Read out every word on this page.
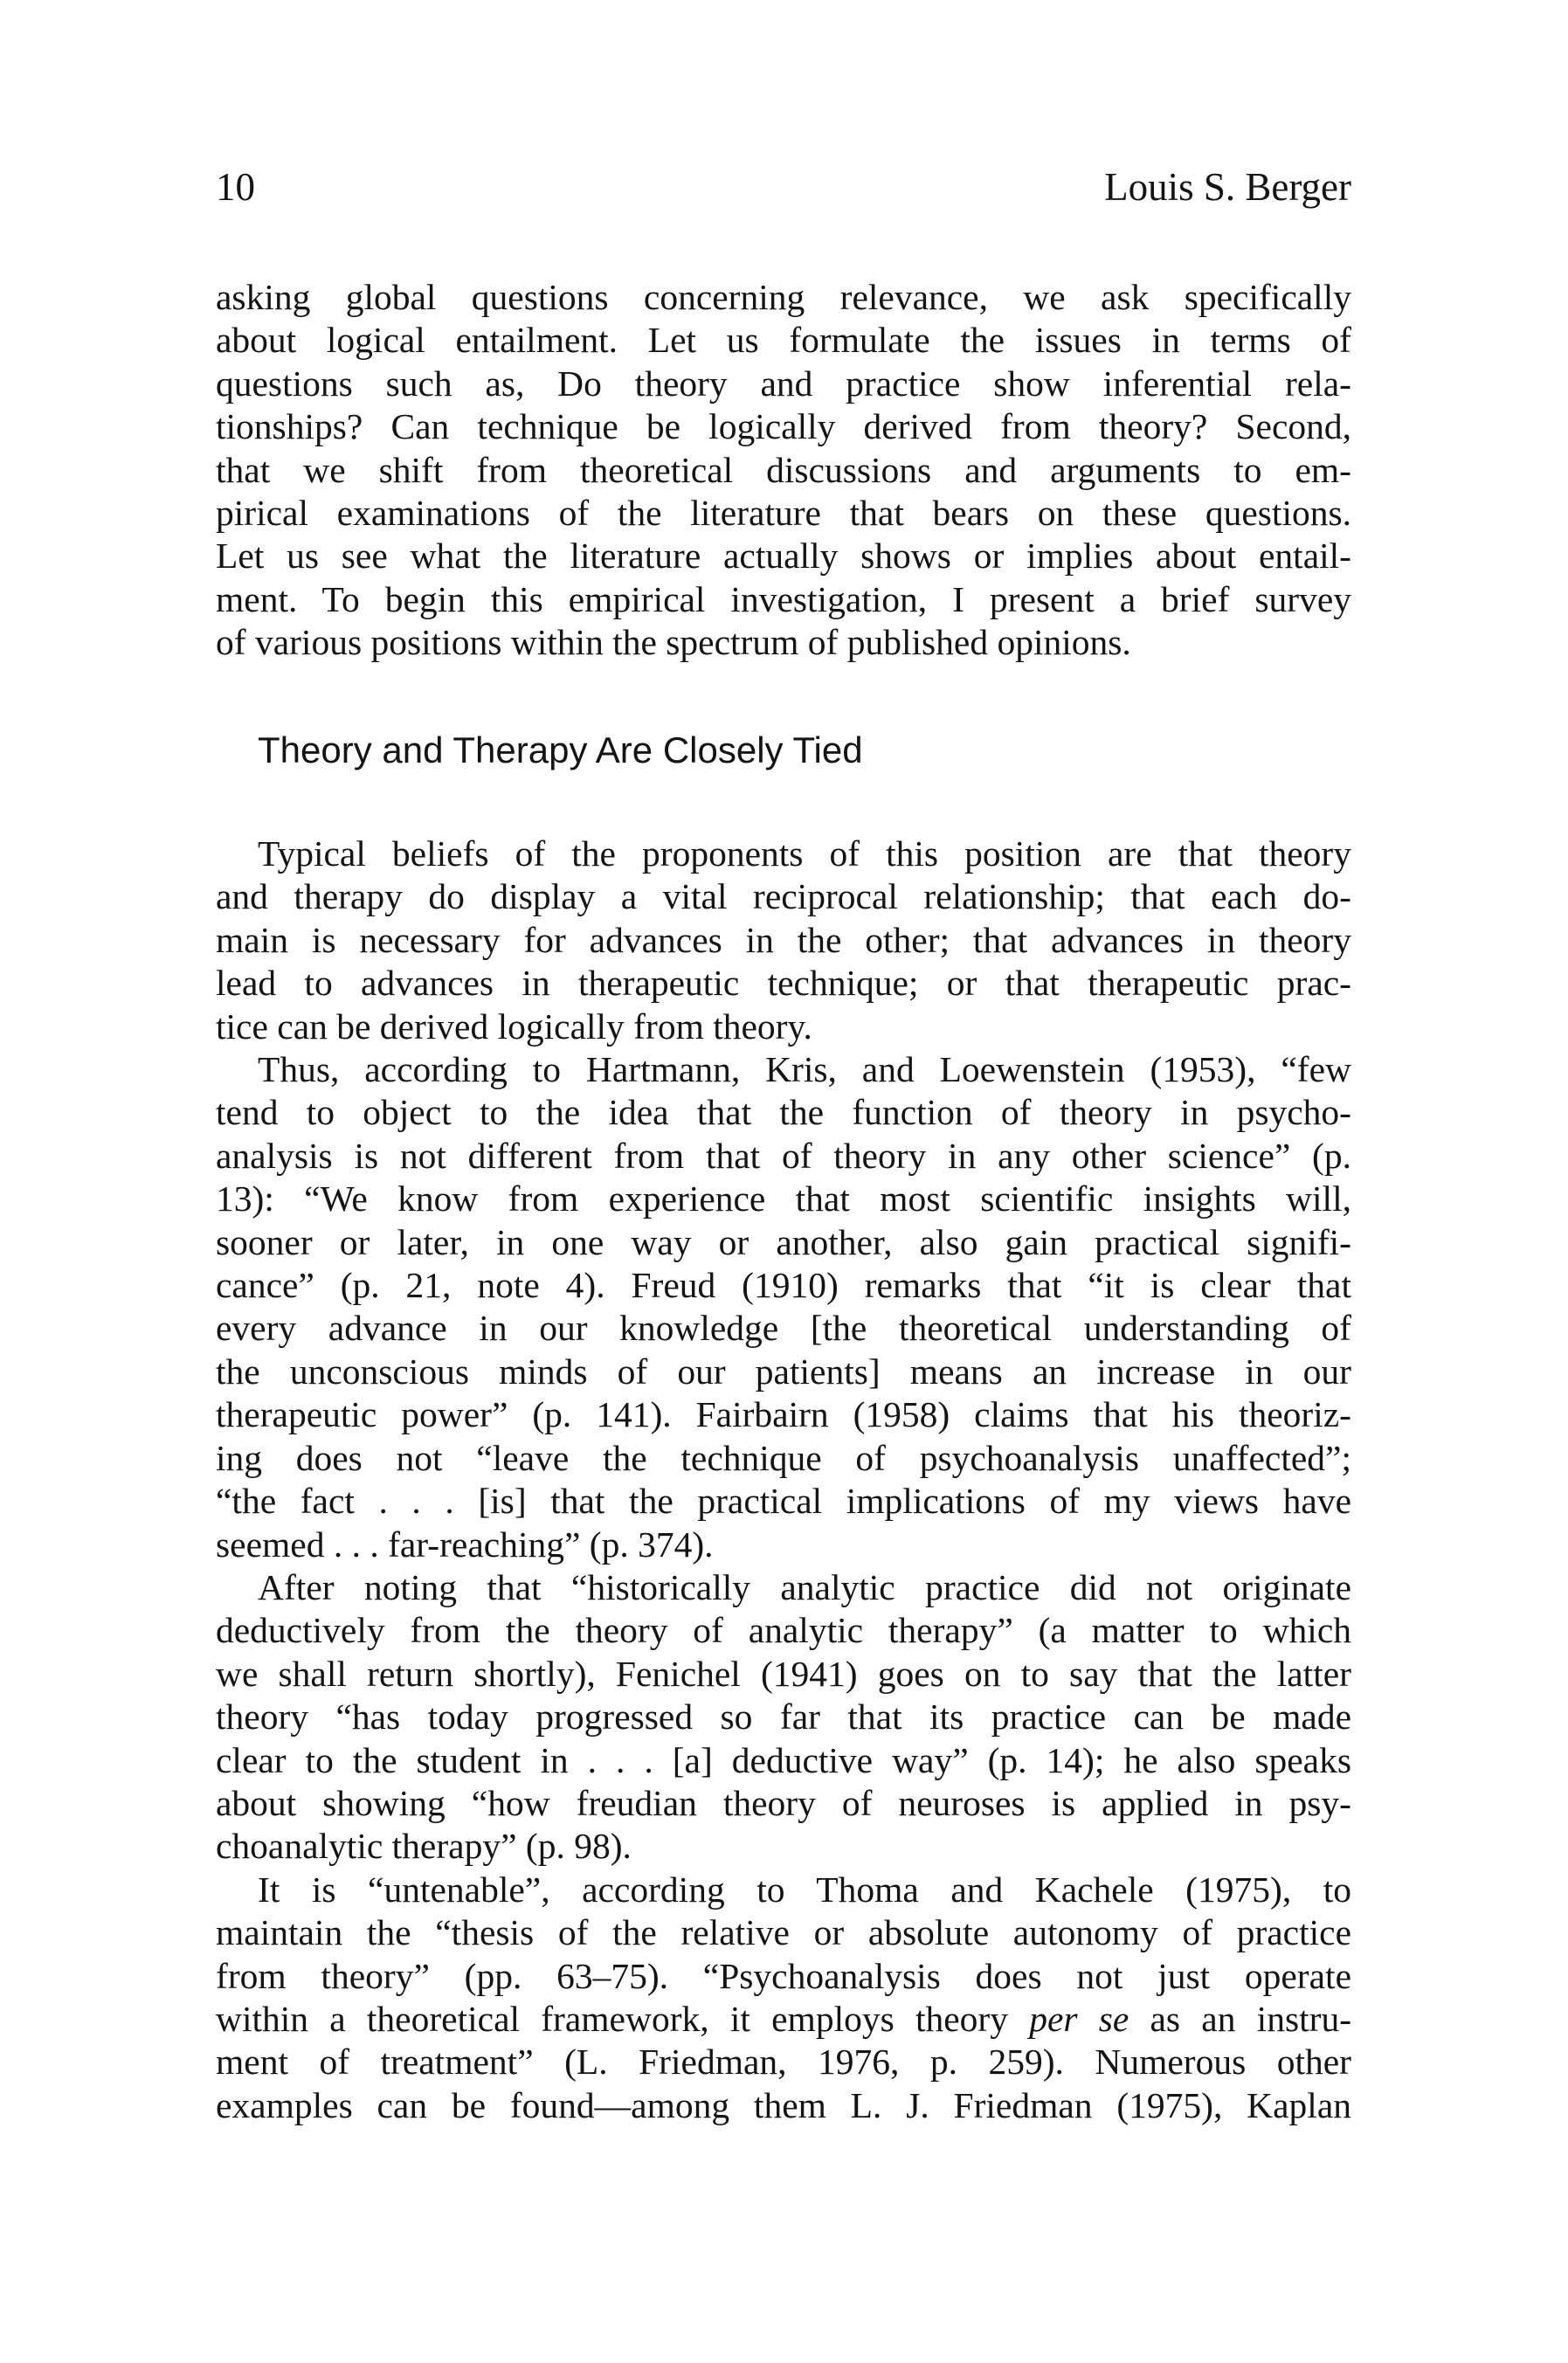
10	Louis S. Berger
asking global questions concerning relevance, we ask specifically
about logical entailment. Let us formulate the issues in terms of
questions such as, Do theory and practice show inferential rela-
tionships? Can technique be logically derived from theory? Second,
that we shift from theoretical discussions and arguments to em-
pirical examinations of the literature that bears on these questions.
Let us see what the literature actually shows or implies about entail-
ment. To begin this empirical investigation, I present a brief survey
of various positions within the spectrum of published opinions.
Theory and Therapy Are Closely Tied
Typical beliefs of the proponents of this position are that theory
and therapy do display a vital reciprocal relationship; that each do-
main is necessary for advances in the other; that advances in theory
lead to advances in therapeutic technique; or that therapeutic prac-
tice can be derived logically from theory.
Thus, according to Hartmann, Kris, and Loewenstein (1953), “few
tend to object to the idea that the function of theory in psycho-
analysis is not different from that of theory in any other science” (p.
13): “We know from experience that most scientific insights will,
sooner or later, in one way or another, also gain practical signifi-
cance” (p. 21, note 4). Freud (1910) remarks that “it is clear that
every advance in our knowledge [the theoretical understanding of
the unconscious minds of our patients] means an increase in our
therapeutic power” (p. 141). Fairbairn (1958) claims that his theoriz-
ing does not “leave the technique of psychoanalysis unaffected”;
“the fact . . . [is] that the practical implications of my views have
seemed . . . far-reaching” (p. 374).
After noting that “historically analytic practice did not originate
deductively from the theory of analytic therapy” (a matter to which
we shall return shortly), Fenichel (1941) goes on to say that the latter
theory “has today progressed so far that its practice can be made
clear to the student in . . . [a] deductive way” (p. 14); he also speaks
about showing “how freudian theory of neuroses is applied in psy-
choanalytic therapy” (p. 98).
It is “untenable”, according to Thoma and Kachele (1975), to
maintain the “thesis of the relative or absolute autonomy of practice
from theory” (pp. 63–75). “Psychoanalysis does not just operate
within a theoretical framework, it employs theory per se as an instru-
ment of treatment” (L. Friedman, 1976, p. 259). Numerous other
examples can be found—among them L. J. Friedman (1975), Kaplan
